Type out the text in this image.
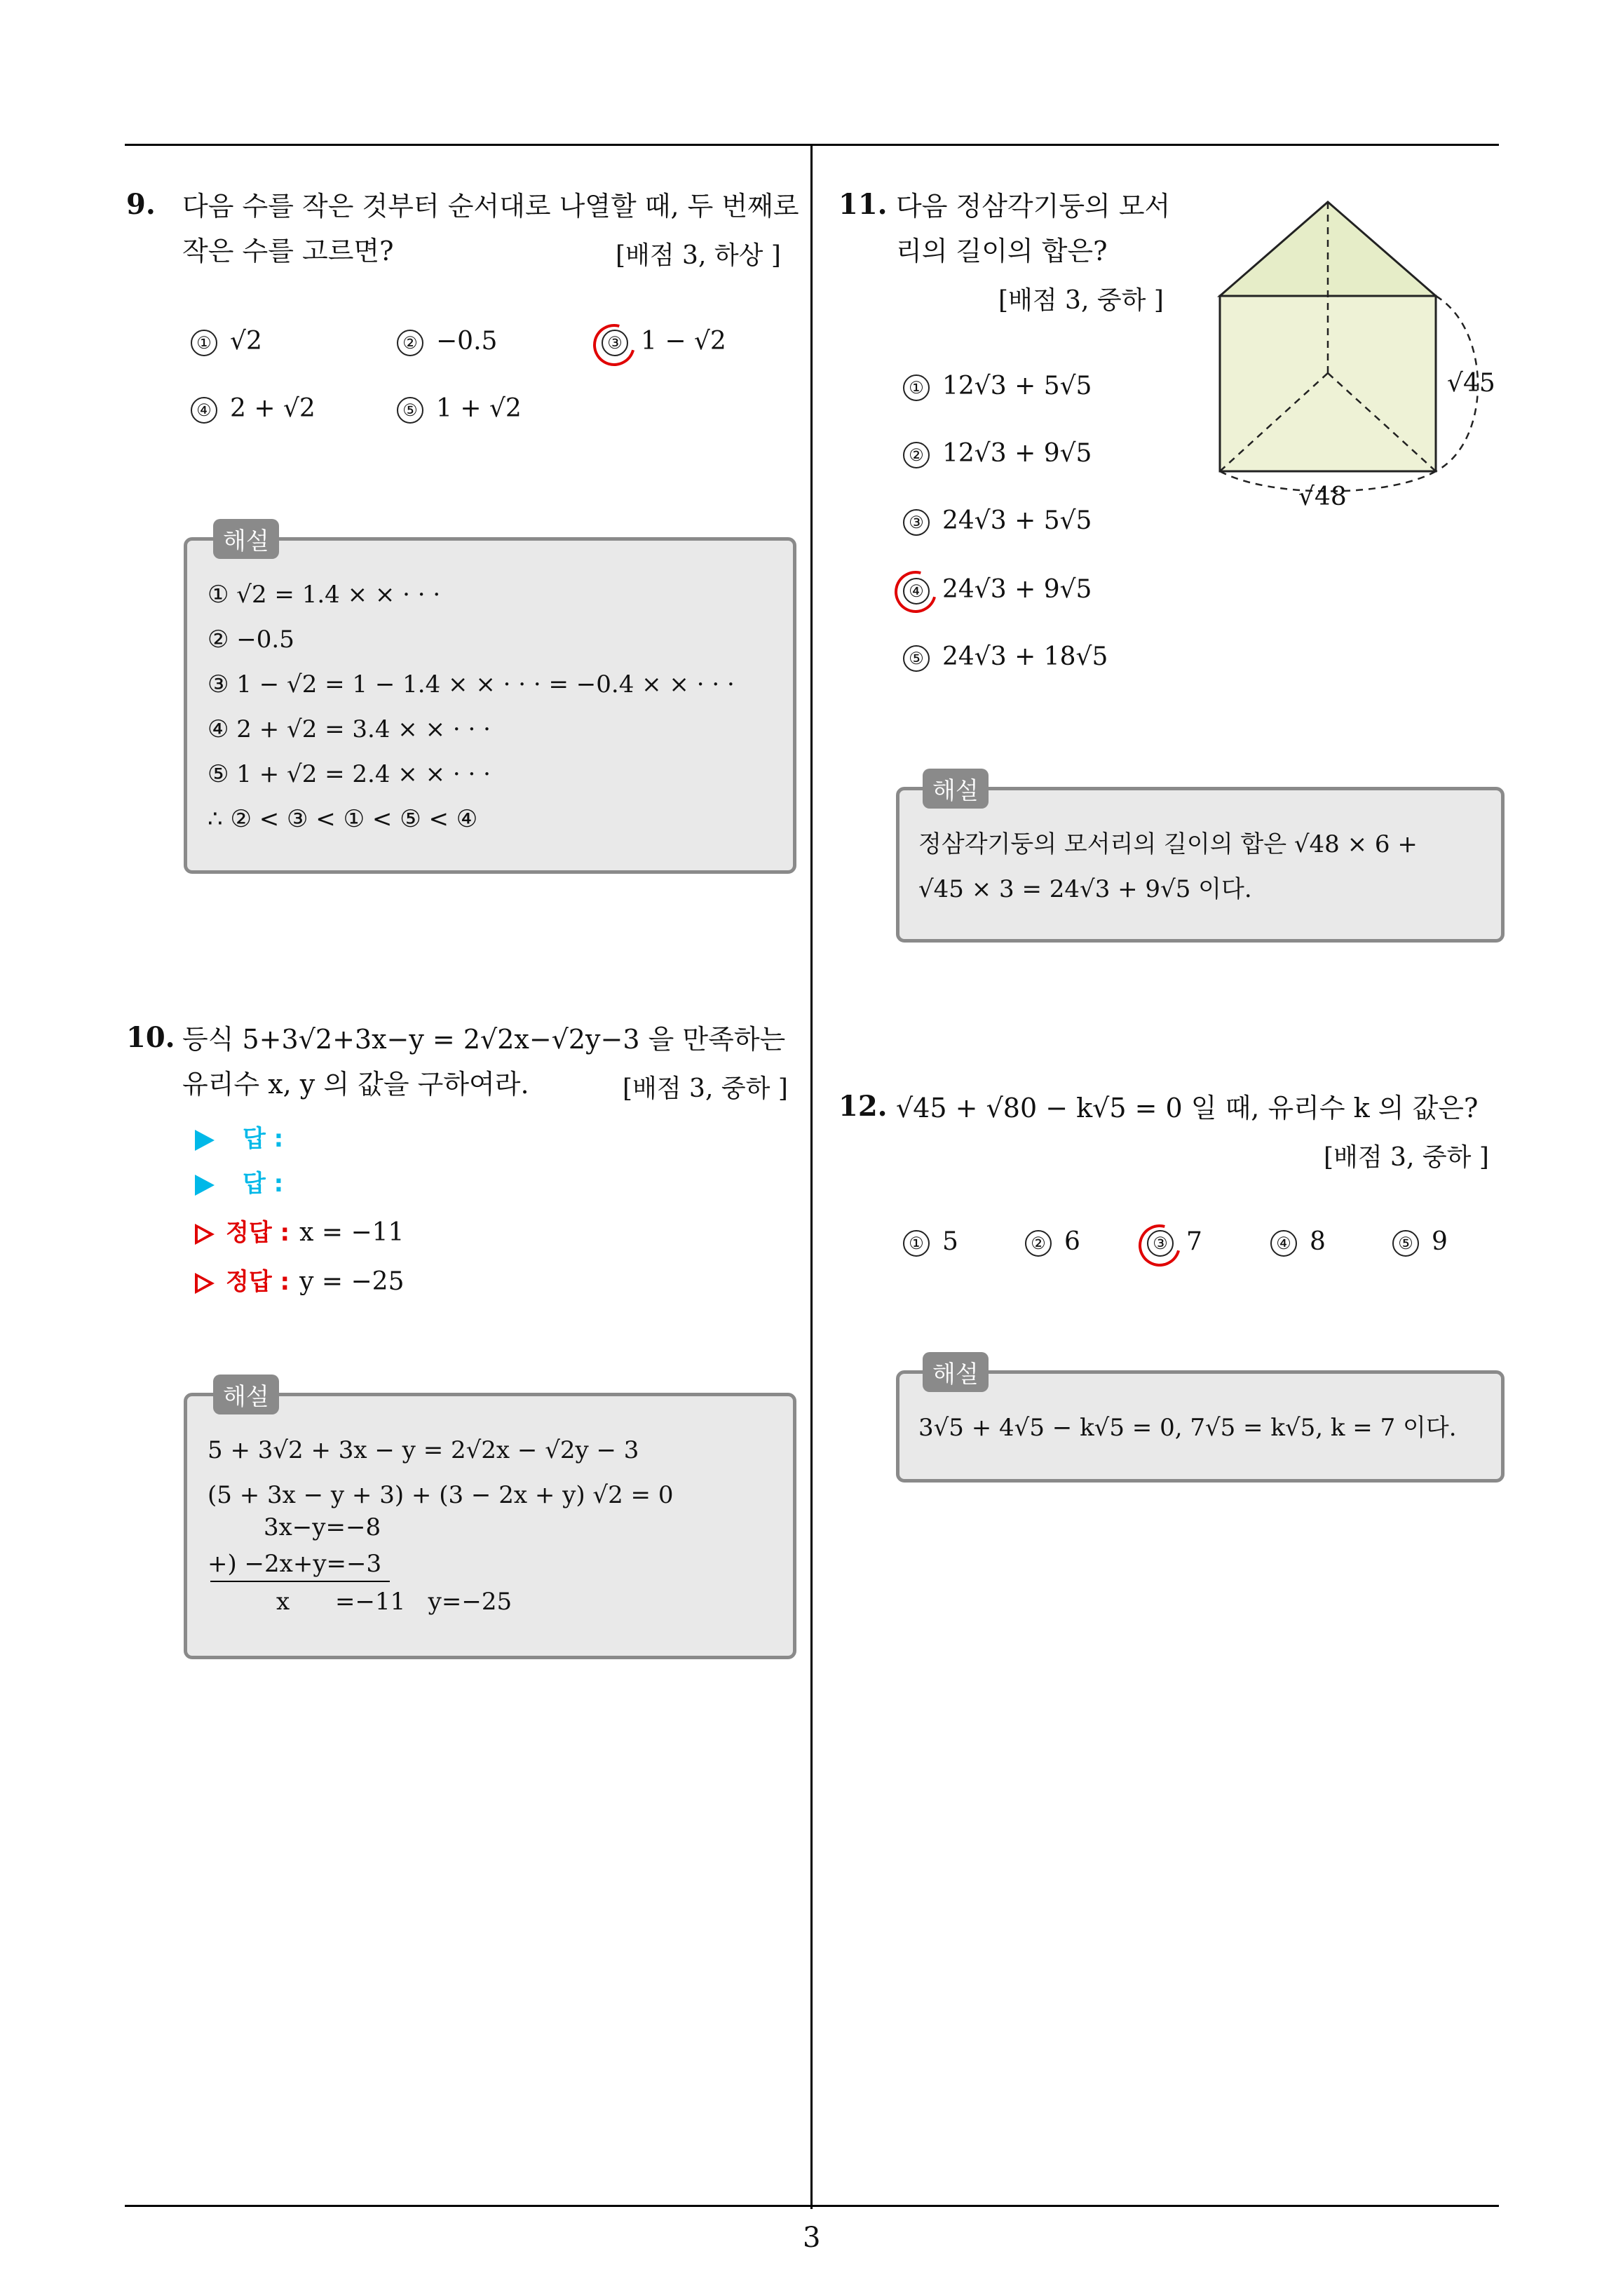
3
9. 다음 수를 작은 것부터 순서대로 나열할 때, 두 번째로
작은 수를 고르면?	[배점 3, 하상 ]
① √2	② −0.5	③ 1 − √2
④ 2 + √2	⑤ 1 + √2
해설
① √2 = 1.4 × × · · ·
② −0.5
③ 1 − √2 = 1 − 1.4 × × · · · = −0.4 × × · · ·
④ 2 + √2 = 3.4 × × · · ·
⑤ 1 + √2 = 2.4 × × · · ·
∴ ② < ③ < ① < ⑤ < ④
10. 등식 5+3√2+3x−y = 2√2x−√2y−3 을 만족하는
유리수 x, y 의 값을 구하여라.	[배점 3, 중하 ]
답 :
답 :
정답 : x = −11
정답 : y = −25
해설
5 + 3√2 + 3x − y = 2√2x − √2y − 3
(5 + 3x − y + 3) + (3 − 2x + y) √2 = 0
3x−y=−8
+) −2x+y=−3
x      =−11   y=−25
11. 다음 정삼각기둥의 모서
리의 길이의 합은?
[배점 3, 중하 ]
√45
√48
① 12√3 + 5√5
② 12√3 + 9√5
③ 24√3 + 5√5
④ 24√3 + 9√5
⑤ 24√3 + 18√5
해설
정삼각기둥의 모서리의 길이의 합은 √48 × 6 +
√45 × 3 = 24√3 + 9√5 이다.
12. √45 + √80 − k√5 = 0 일 때, 유리수 k 의 값은?
[배점 3, 중하 ]
① 5	② 6	③ 7	④ 8	⑤ 9
해설
3√5 + 4√5 − k√5 = 0, 7√5 = k√5, k = 7 이다.
